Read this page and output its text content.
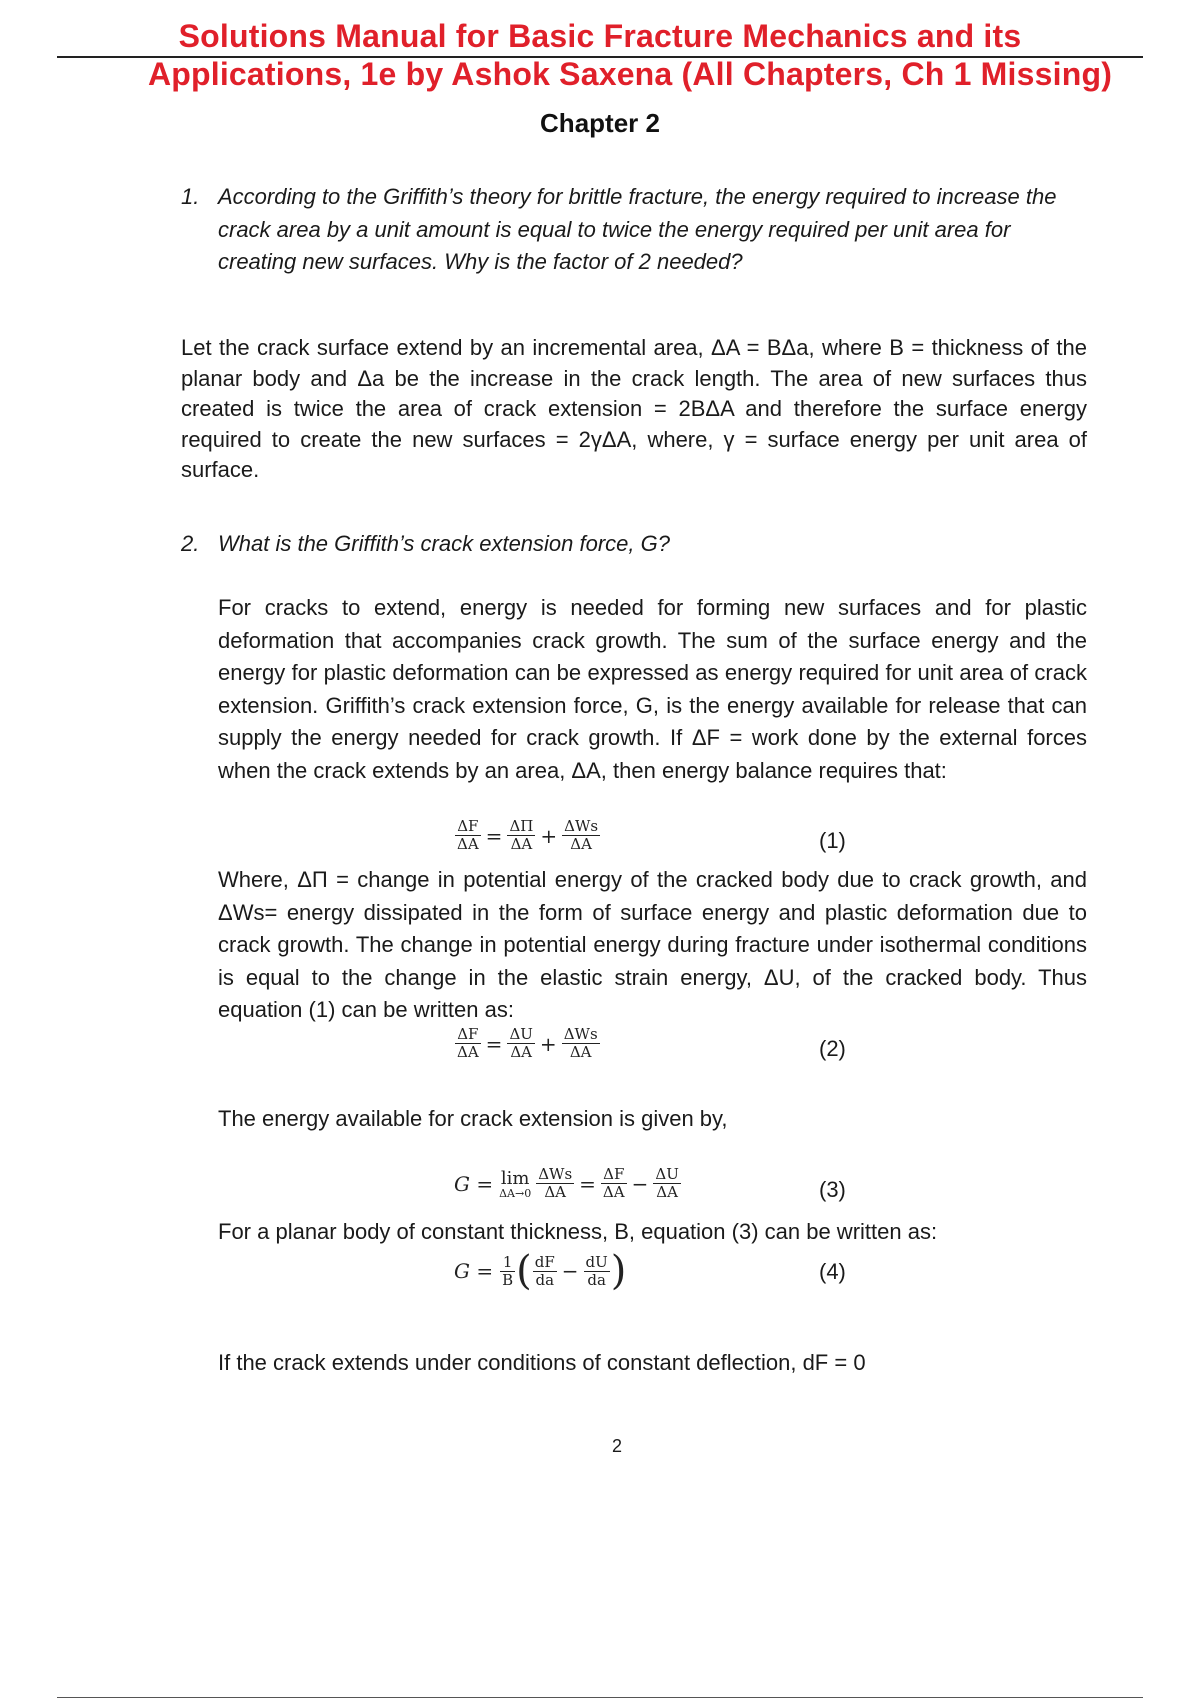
Solutions Manual for Basic Fracture Mechanics and its
Applications, 1e by Ashok Saxena (All Chapters, Ch 1 Missing)
Chapter 2
1. According to the Griffith’s theory for brittle fracture, the energy required to increase the crack area by a unit amount is equal to twice the energy required per unit area for creating new surfaces. Why is the factor of 2 needed?
Let the crack surface extend by an incremental area, ΔA = BΔa, where B = thickness of the planar body and Δa be the increase in the crack length. The area of new surfaces thus created is twice the area of crack extension = 2BΔA and therefore the surface energy required to create the new surfaces = 2γΔA, where, γ = surface energy per unit area of surface.
2. What is the Griffith’s crack extension force, G?
For cracks to extend, energy is needed for forming new surfaces and for plastic deformation that accompanies crack growth. The sum of the surface energy and the energy for plastic deformation can be expressed as energy required for unit area of crack extension. Griffith’s crack extension force, G, is the energy available for release that can supply the energy needed for crack growth. If ΔF = work done by the external forces when the crack extends by an area, ΔA, then energy balance requires that:
$\frac{\Delta F}{\Delta A} = \frac{\Delta\Pi}{\Delta A} + \frac{\text{ΔWs}}{\Delta A}$	(1)
Where, ΔΠ = change in potential energy of the cracked body due to crack growth, and ΔWs= energy dissipated in the form of surface energy and plastic deformation due to crack growth. The change in potential energy during fracture under isothermal conditions is equal to the change in the elastic strain energy, ΔU, of the cracked body. Thus equation (1) can be written as:
$\frac{\Delta F}{\Delta A} = \frac{\Delta U}{\Delta A} + \frac{\text{ΔWs}}{\Delta A}$	(2)
The energy available for crack extension is given by,
G = lim
$\Delta A\to 0 \frac{\text{ΔWs}}{\Delta A} = \frac{\Delta F}{\Delta A} - \frac{\Delta U}{\Delta A}$	(3)
For a planar body of constant thickness, B, equation (3) can be written as:
$G = \frac{1}{B}$ ( $\frac{dF}{da} - \frac{dU}{da}$ )	(4)
If the crack extends under conditions of constant deflection, dF = 0
2
